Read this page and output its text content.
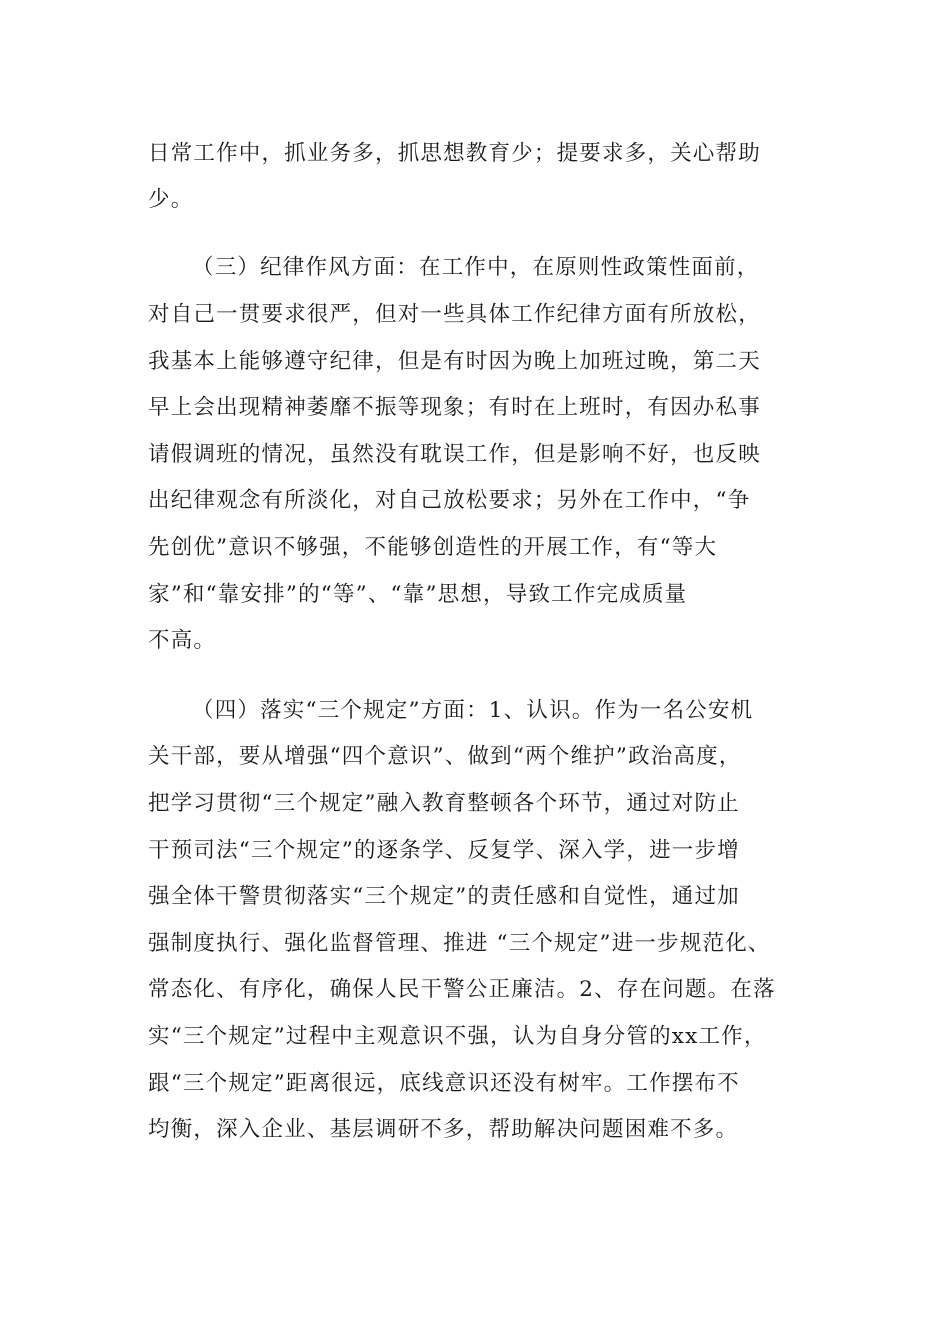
日常工作中，抓业务多，抓思想教育少；提要求多，关心帮助
少。
（三）纪律作风方面：在工作中，在原则性政策性面前，
对自己一贯要求很严，但对一些具体工作纪律方面有所放松，
我基本上能够遵守纪律，但是有时因为晚上加班过晚，第二天
早上会出现精神萎靡不振等现象；有时在上班时，有因办私事
请假调班的情况，虽然没有耽误工作，但是影响不好，也反映
出纪律观念有所淡化，对自己放松要求；另外在工作中，“争
先创优”意识不够强，不能够创造性的开展工作，有“等大
家”和“靠安排”的“等”、“靠”思想，导致工作完成质量
不高。
（四）落实“三个规定”方面：1、认识。作为一名公安机
关干部，要从增强“四个意识”、做到“两个维护”政治高度，
把学习贯彻“三个规定”融入教育整顿各个环节，通过对防止
干预司法“三个规定”的逐条学、反复学、深入学，进一步增
强全体干警贯彻落实“三个规定”的责任感和自觉性，通过加
强制度执行、强化监督管理、推进 “三个规定”进一步规范化、
常态化、有序化，确保人民干警公正廉洁。2、存在问题。在落
实“三个规定”过程中主观意识不强，认为自身分管的xx工作，
跟“三个规定”距离很远，底线意识还没有树牢。工作摆布不
均衡，深入企业、基层调研不多，帮助解决问题困难不多。
